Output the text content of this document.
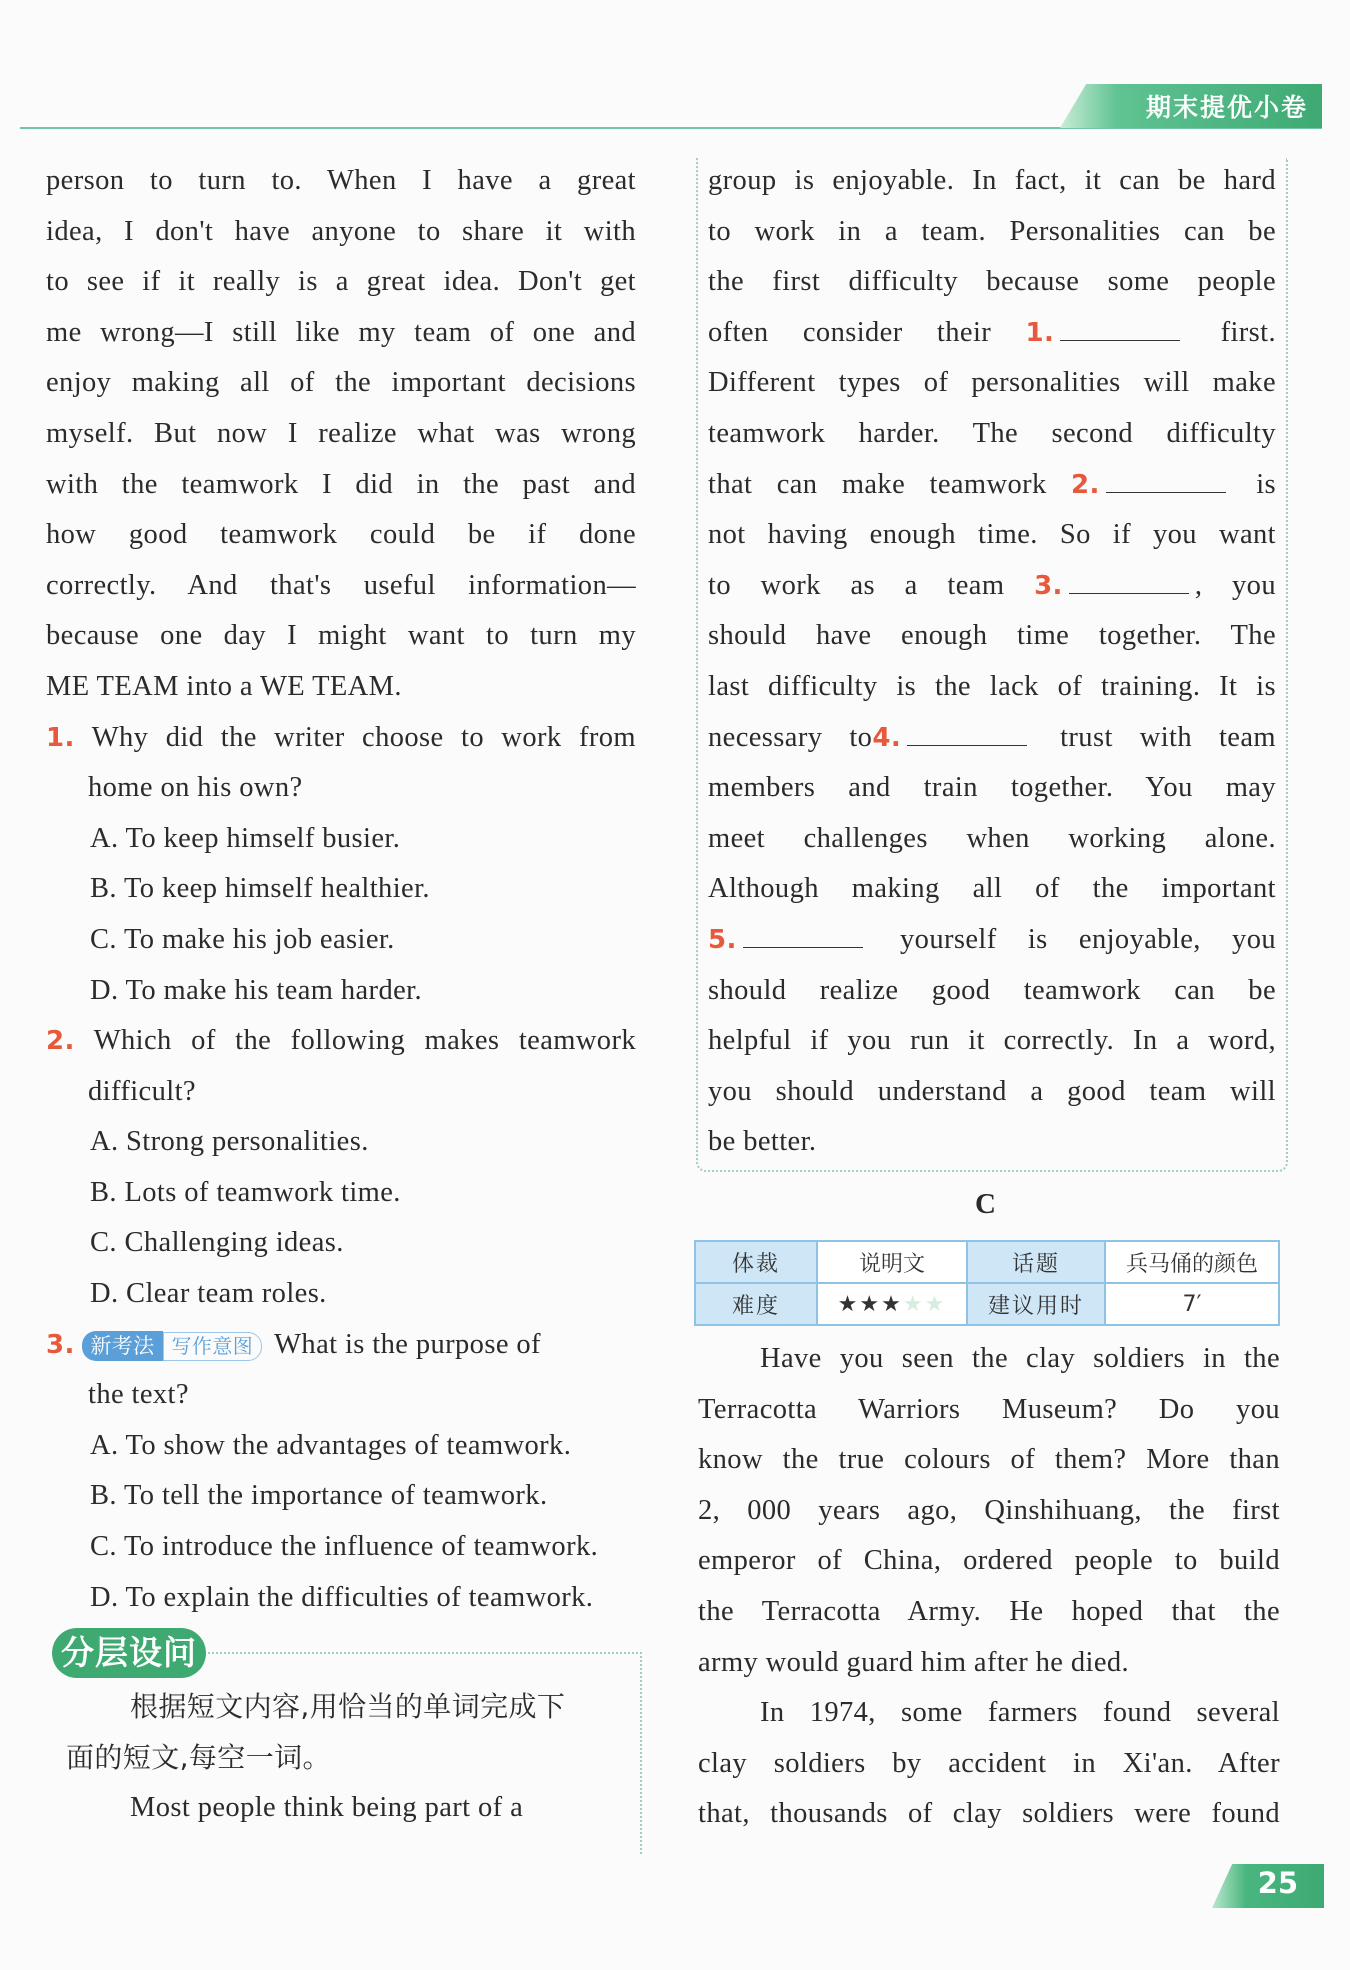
期末提优小卷
person to turn to. When I have a great
idea, I don't have anyone to share it with
to see if it really is a great idea. Don't get
me wrong—I still like my team of one and
enjoy making all of the important decisions
myself. But now I realize what was wrong
with the teamwork I did in the past and
how good teamwork could be if done
correctly. And that's useful information—
because one day I might want to turn my
ME TEAM into a WE TEAM.
1. Why did the writer choose to work from
home on his own?
A. To keep himself busier.
B. To keep himself healthier.
C. To make his job easier.
D. To make his team harder.
2. Which of the following makes teamwork
difficult?
A. Strong personalities.
B. Lots of teamwork time.
C. Challenging ideas.
D. Clear team roles.
3. 新考法 写作意图 What is the purpose of
the text?
A. To show the advantages of teamwork.
B. To tell the importance of teamwork.
C. To introduce the influence of teamwork.
D. To explain the difficulties of teamwork.
分层设问
根据短文内容,用恰当的单词完成下
面的短文,每空一词。
Most people think being part of a
group is enjoyable. In fact, it can be hard
to work in a team. Personalities can be
the first difficulty because some people
often consider their 1.	first.
Different types of personalities will make
teamwork harder. The second difficulty
that can make teamwork 2.	is
not having enough time. So if you want
to work as a team 3.	, you
should have enough time together. The
last difficulty is the lack of training. It is
necessary to4.	trust with team
members and train together. You may
meet challenges when working alone.
Although making all of the important
5.	yourself is enjoyable, you
should realize good teamwork can be
helpful if you run it correctly. In a word,
you should understand a good team will
be better.
C
体裁	说明文	话题	兵马俑的颜色
难度	★★★★★	建议用时	7′
Have you seen the clay soldiers in the
Terracotta Warriors Museum? Do you
know the true colours of them? More than
2, 000 years ago, Qinshihuang, the first
emperor of China, ordered people to build
the Terracotta Army. He hoped that the
army would guard him after he died.
In 1974, some farmers found several
clay soldiers by accident in Xi'an. After
that, thousands of clay soldiers were found
25
